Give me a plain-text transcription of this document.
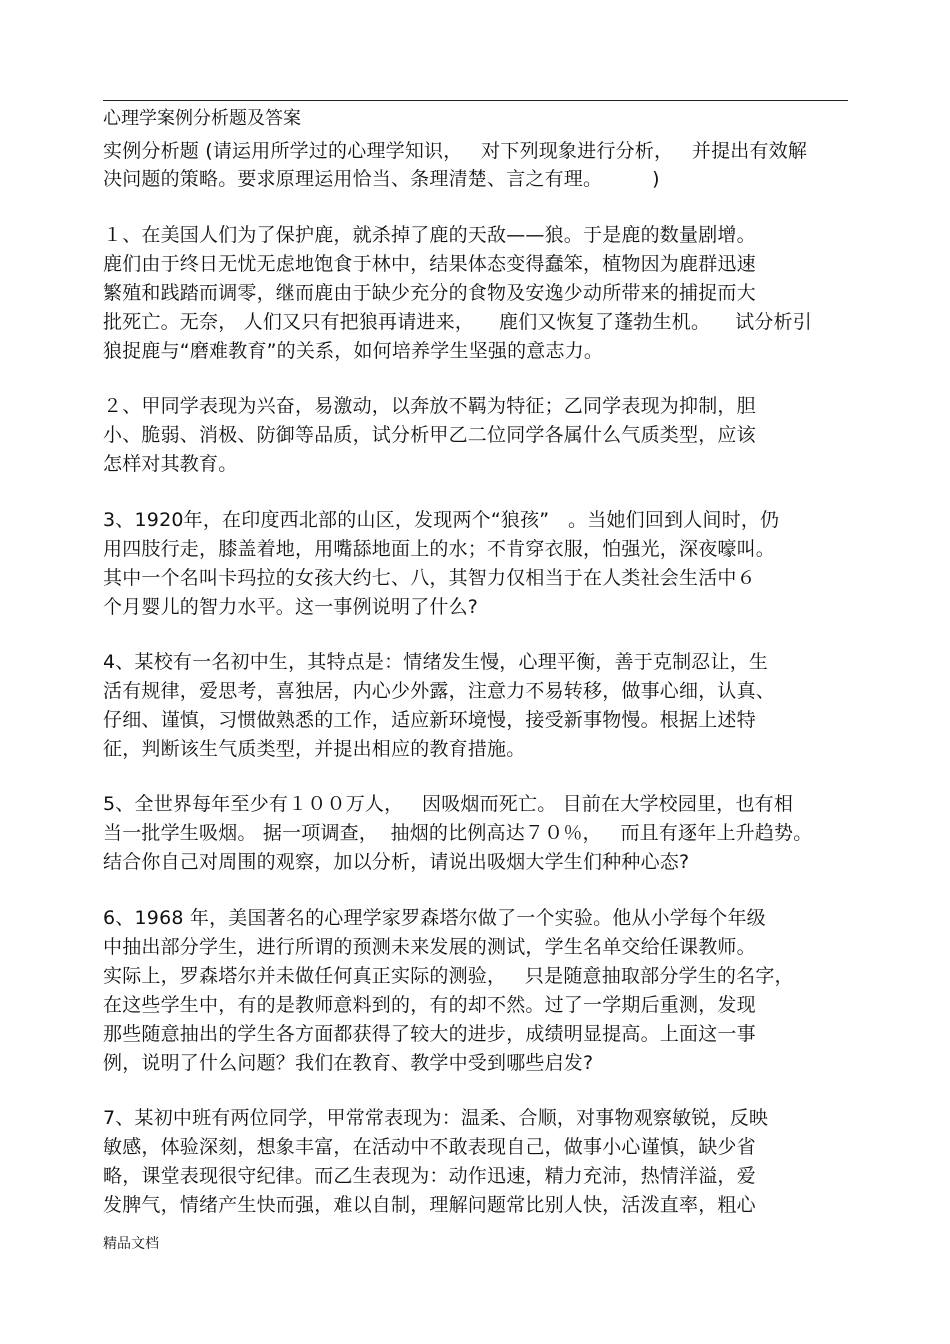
心理学案例分析题及答案
实例分析题 (请运用所学过的心理学知识，   对下列现象进行分析，   并提出有效解
决问题的策略。要求原理运用恰当、条理清楚、言之有理。        )
１、在美国人们为了保护鹿，就杀掉了鹿的天敌——狼。于是鹿的数量剧增。
鹿们由于终日无忧无虑地饱食于林中，结果体态变得蠢笨，植物因为鹿群迅速
繁殖和践踏而调零，继而鹿由于缺少充分的食物及安逸少动所带来的捕捉而大
批死亡。无奈， 人们又只有把狼再请进来，    鹿们又恢复了蓬勃生机。    试分析引
狼捉鹿与“磨难教育”的关系，如何培养学生坚强的意志力。
２、甲同学表现为兴奋，易激动，以奔放不羁为特征；乙同学表现为抑制，胆
小、脆弱、消极、防御等品质，试分析甲乙二位同学各属什么气质类型，应该
怎样对其教育。
3、1920年，在印度西北部的山区，发现两个“狼孩”   。当她们回到人间时，仍
用四肢行走，膝盖着地，用嘴舔地面上的水；不肯穿衣服，怕强光，深夜嚎叫。
其中一个名叫卡玛拉的女孩大约七、八，其智力仅相当于在人类社会生活中６
个月婴儿的智力水平。这一事例说明了什么?
4、某校有一名初中生，其特点是：情绪发生慢，心理平衡，善于克制忍让，生
活有规律，爱思考，喜独居，内心少外露，注意力不易转移，做事心细，认真、
仔细、谨慎，习惯做熟悉的工作，适应新环境慢，接受新事物慢。根据上述特
征，判断该生气质类型，并提出相应的教育措施。
5、全世界每年至少有１００万人，   因吸烟而死亡。 目前在大学校园里，也有相
当一批学生吸烟。 据一项调查，  抽烟的比例高达７０％，   而且有逐年上升趋势。
结合你自己对周围的观察，加以分析，请说出吸烟大学生们种种心态?
6、1968 年，美国著名的心理学家罗森塔尔做了一个实验。他从小学每个年级
中抽出部分学生，进行所谓的预测未来发展的测试，学生名单交给任课教师。
实际上，罗森塔尔并未做任何真正实际的测验，   只是随意抽取部分学生的名字，
在这些学生中，有的是教师意料到的，有的却不然。过了一学期后重测，发现
那些随意抽出的学生各方面都获得了较大的进步，成绩明显提高。上面这一事
例，说明了什么问题？我们在教育、教学中受到哪些启发?
7、某初中班有两位同学，甲常常表现为：温柔、合顺，对事物观察敏锐，反映
敏感，体验深刻，想象丰富，在活动中不敢表现自己，做事小心谨慎，缺少省
略，课堂表现很守纪律。而乙生表现为：动作迅速，精力充沛，热情洋溢，爱
发脾气，情绪产生快而强，难以自制，理解问题常比别人快，活泼直率，粗心
精品文档
